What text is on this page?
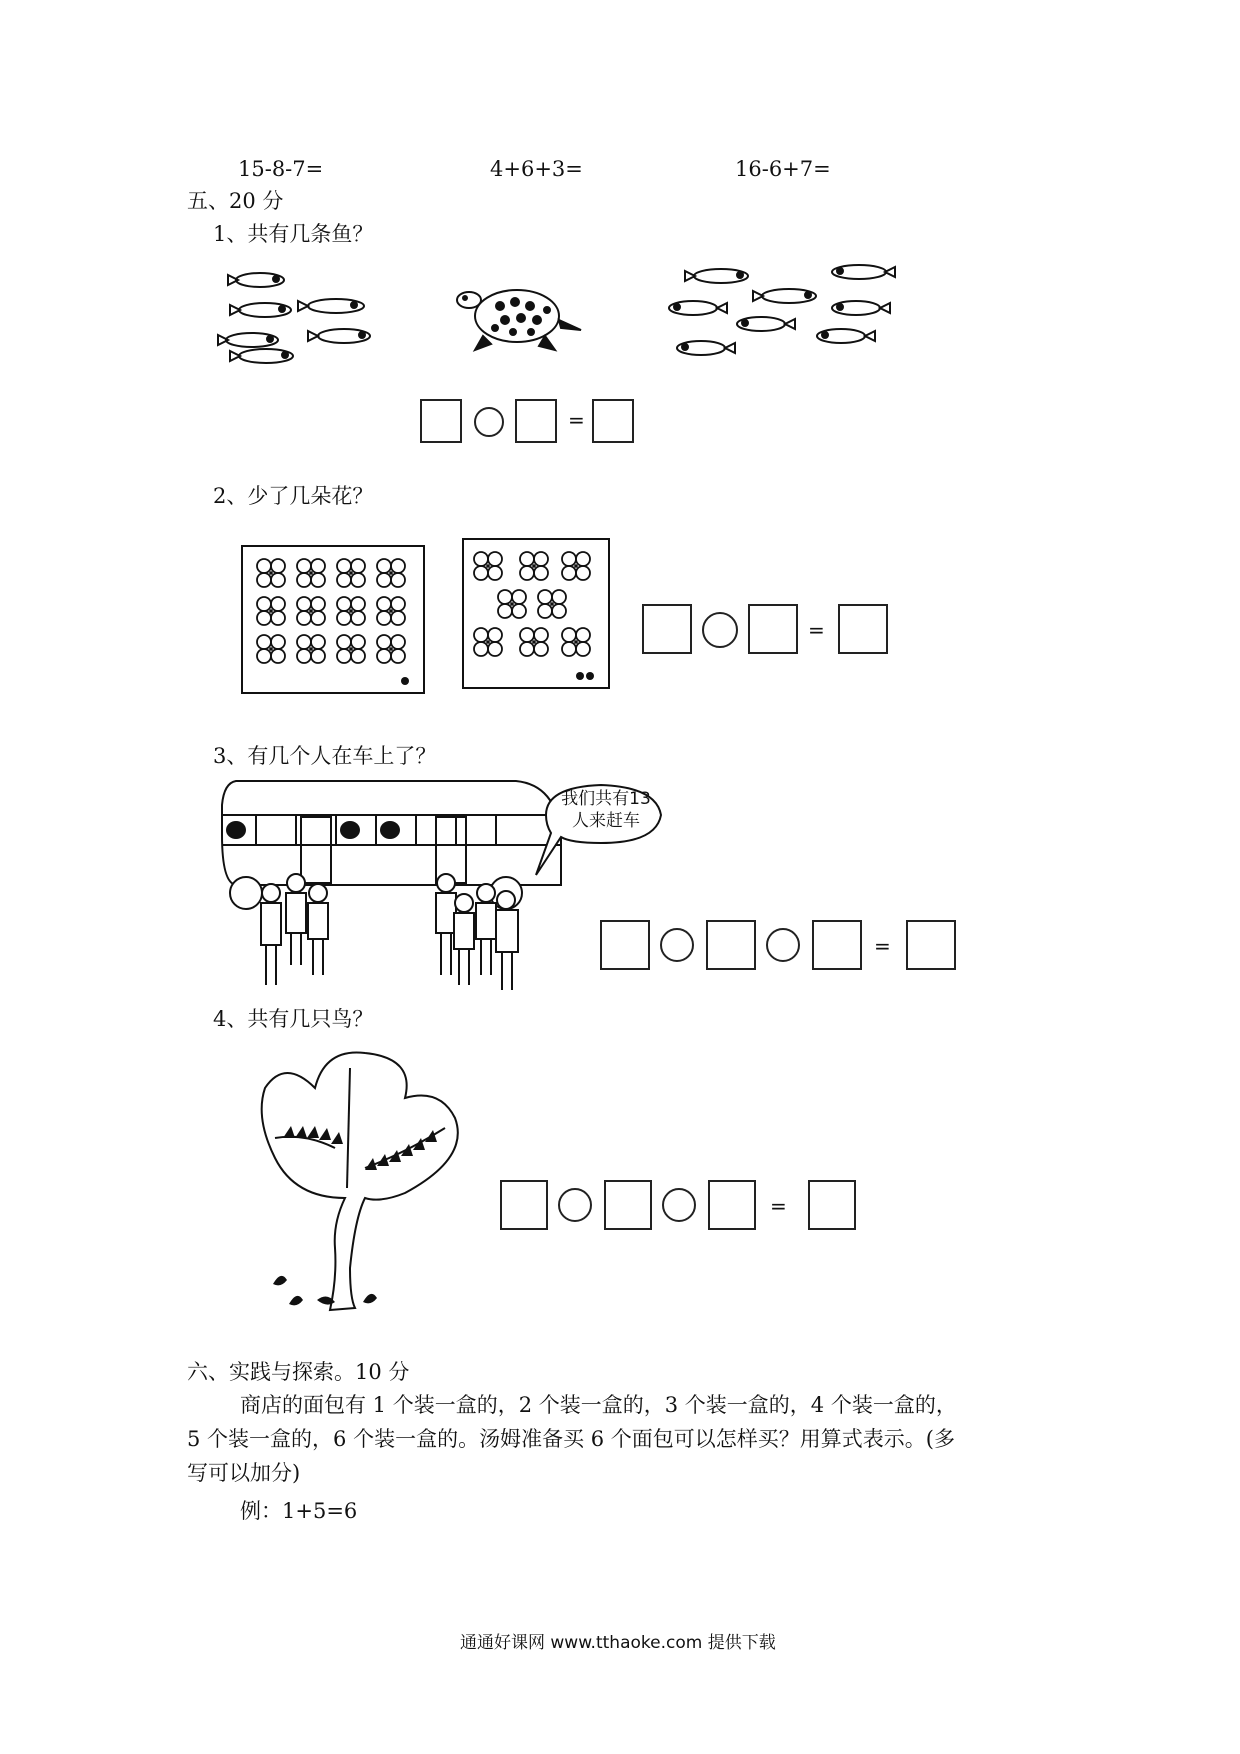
15-8-7=	4+6+3=	16-6+7=
五、20 分
1、共有几条鱼？
=
2、少了几朵花？
=
3、有几个人在车上了？
我们共有13
人来赶车
=
4、共有几只鸟？
=
六、实践与探索。10 分
商店的面包有 1 个装一盒的，2 个装一盒的，3 个装一盒的，4 个装一盒的，
5 个装一盒的，6 个装一盒的。汤姆准备买 6 个面包可以怎样买？用算式表示。(多
写可以加分)
例：1+5=6
通通好课网 www.tthaoke.com 提供下载
